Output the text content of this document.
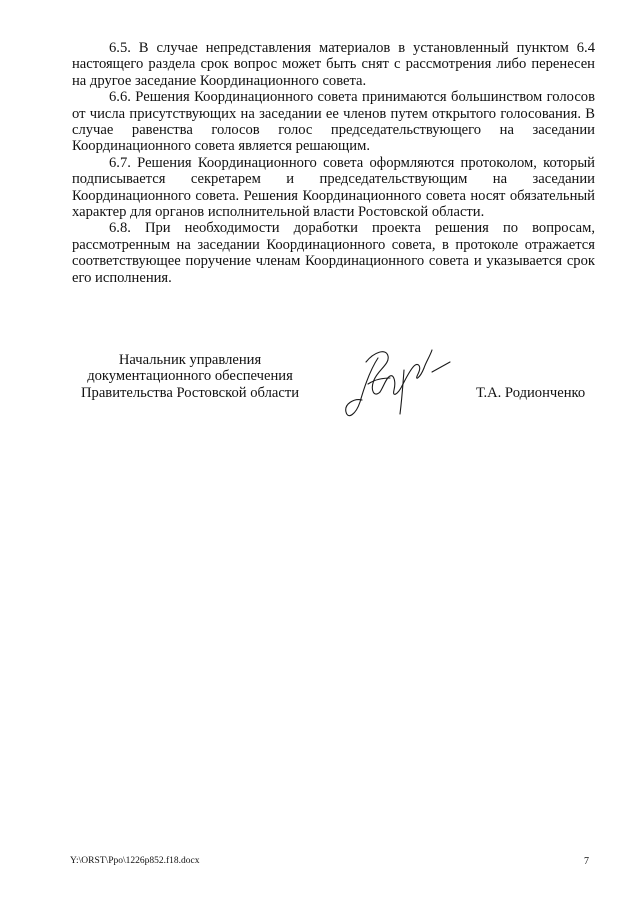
6.5. В случае непредставления материалов в установленный пунктом 6.4 настоящего раздела срок вопрос может быть снят с рассмотрения либо перенесен на другое заседание Координационного совета.

6.6. Решения Координационного совета принимаются большинством голосов от числа присутствующих на заседании ее членов путем открытого голосования. В случае равенства голосов голос председательствующего на заседании Координационного совета является решающим.

6.7. Решения Координационного совета оформляются протоколом, который подписывается секретарем и председательствующим на заседании Координационного совета. Решения Координационного совета носят обязательный характер для органов исполнительной власти Ростовской области.

6.8. При необходимости доработки проекта решения по вопросам, рассмотренным на заседании Координационного совета, в протоколе отражается соответствующее поручение членам Координационного совета и указывается срок его исполнения.

Начальник управления
документационного обеспечения
Правительства Ростовской области	Т.А. Родионченко
Y:\ORST\Ppo\1226p852.f18.docx	7
